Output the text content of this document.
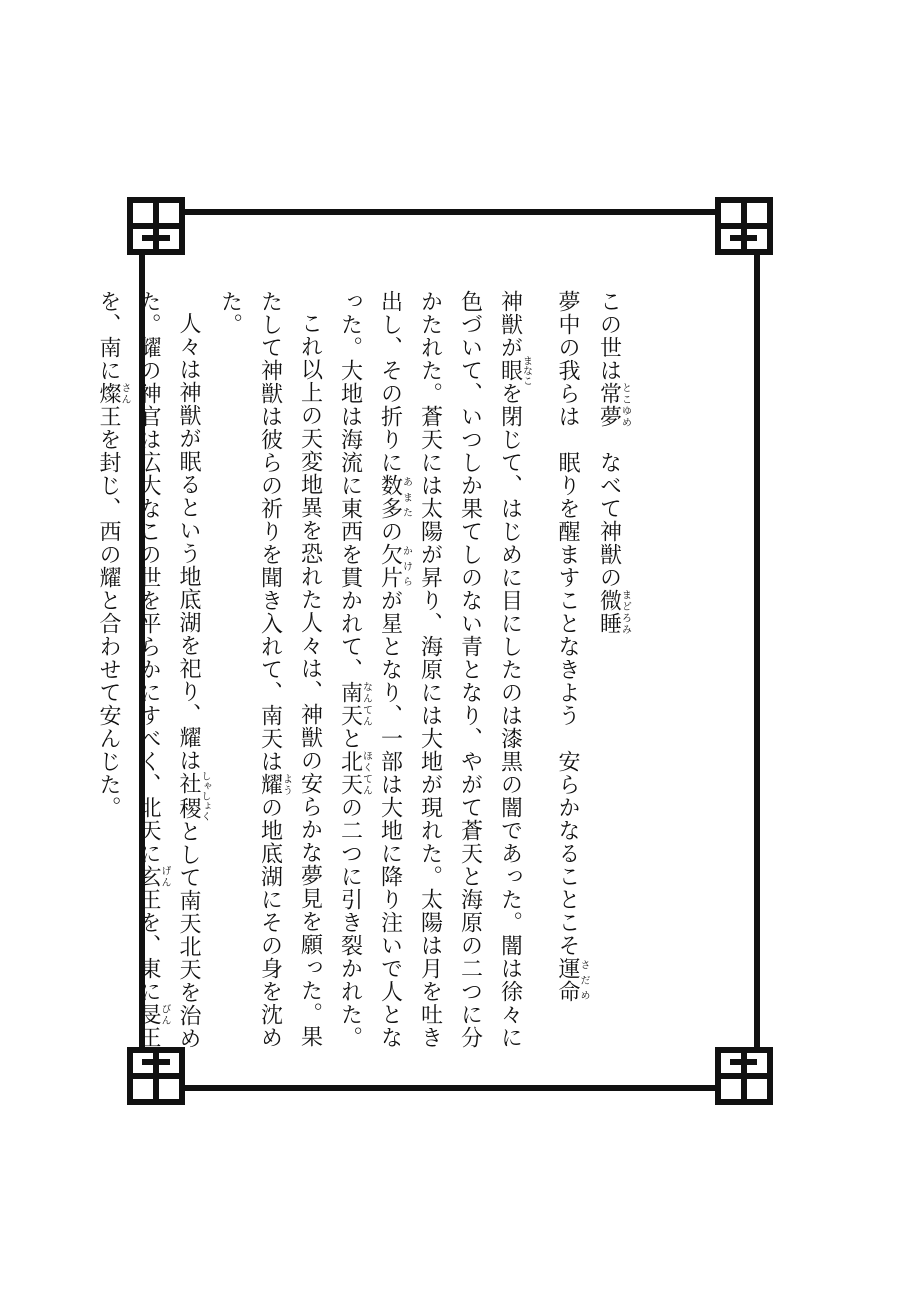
この世は常夢とこゆめ　なべて神獣の微睡まどろみ
夢中の我らは　眠りを醒ますことなきよう　安らかなることこそ運命さだめ

神獣が眼まなこを閉じて、はじめに目にしたのは漆黒の闇であった。闇は徐々に色づいて、いつしか果てしのない青となり、やがて蒼天と海原の二つに分かたれた。蒼天には太陽が昇り、海原には大地が現れた。太陽は月を吐き出し、その折りに数多あまたの欠片かけらが星となり、一部は大地に降り注いで人となった。大地は海流に東西を貫かれて、南天なんてんと北天ほくてんの二つに引き裂かれた。

これ以上の天変地異を恐れた人々は、神獣の安らかな夢見を願った。果たして神獣は彼らの祈りを聞き入れて、南天は耀ようの地底湖にその身を沈めた。

人々は神獣が眠るという地底湖を祀り、耀は社稷しゃしょくとして南天北天を治めた。耀の神官は広大なこの世を平らかにすべく、北天に玄げん王を、東に旻びん王を、南に燦さん王を封じ、西の耀と合わせて安んじた。
